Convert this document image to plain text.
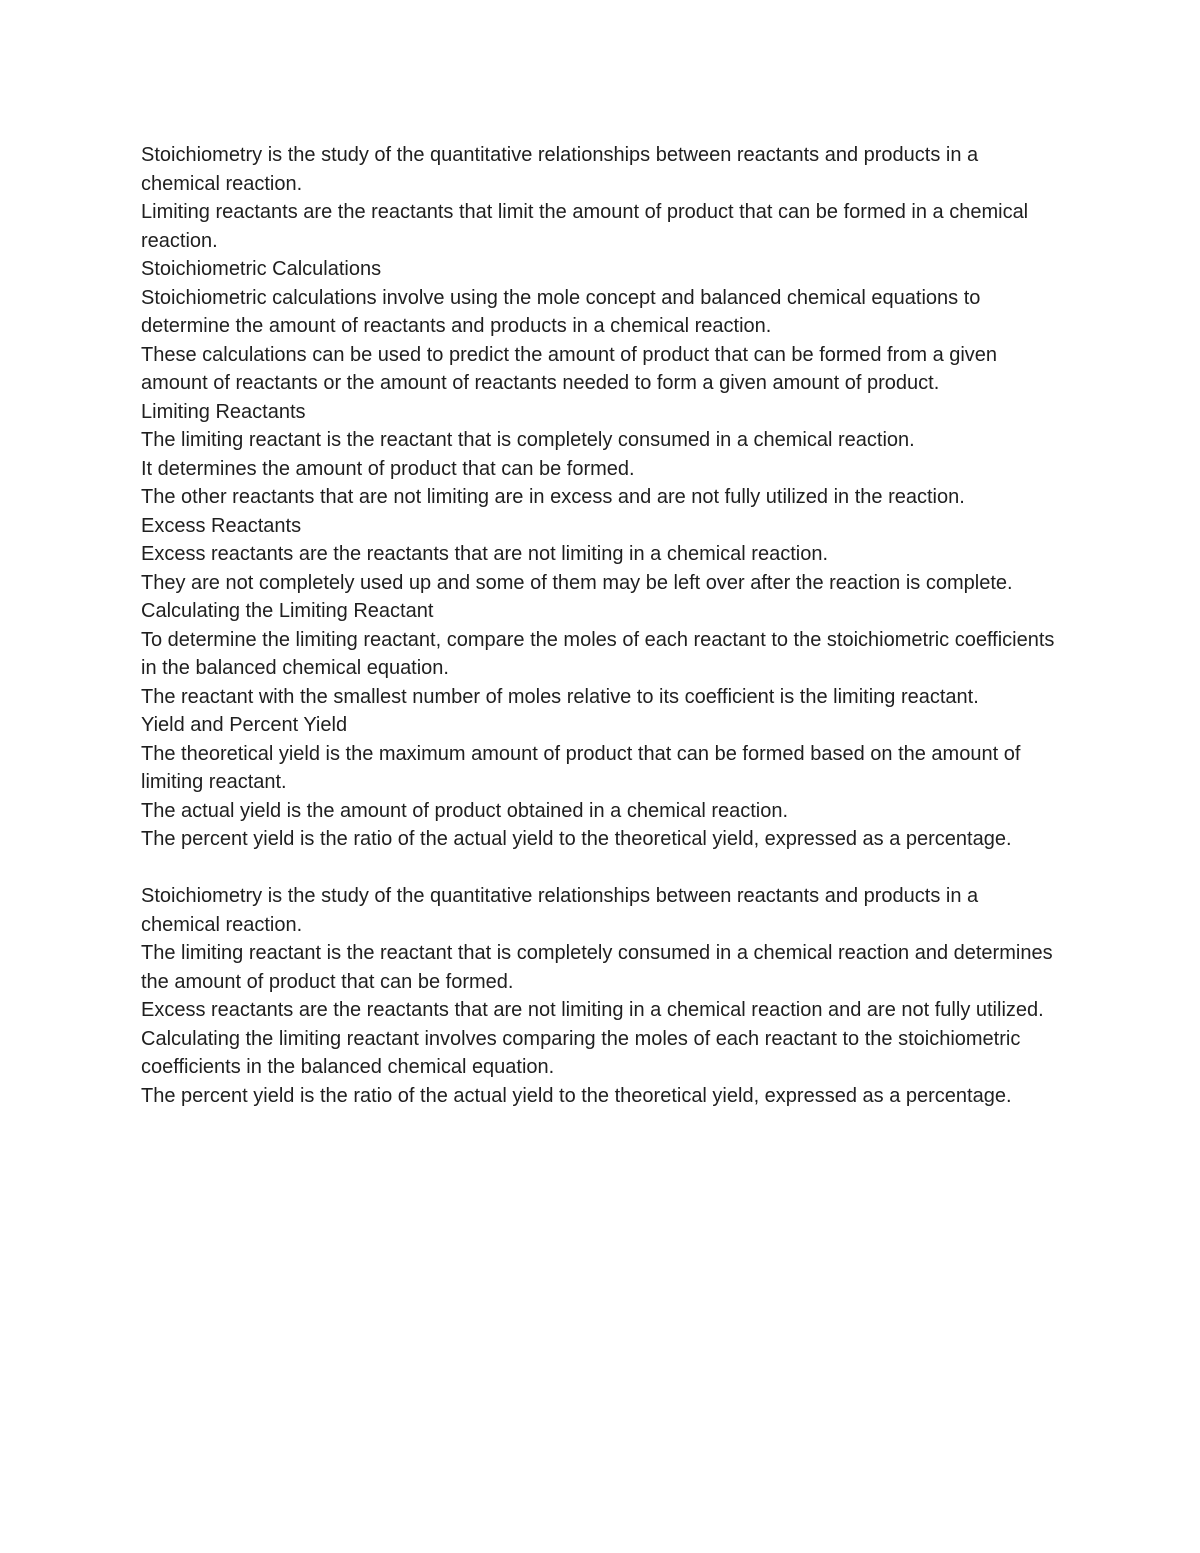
Stoichiometry is the study of the quantitative relationships between reactants and products in a chemical reaction.

Limiting reactants are the reactants that limit the amount of product that can be formed in a chemical reaction.

Stoichiometric Calculations

Stoichiometric calculations involve using the mole concept and balanced chemical equations to determine the amount of reactants and products in a chemical reaction.

These calculations can be used to predict the amount of product that can be formed from a given amount of reactants or the amount of reactants needed to form a given amount of product.

Limiting Reactants

The limiting reactant is the reactant that is completely consumed in a chemical reaction.

It determines the amount of product that can be formed.

The other reactants that are not limiting are in excess and are not fully utilized in the reaction.

Excess Reactants

Excess reactants are the reactants that are not limiting in a chemical reaction.

They are not completely used up and some of them may be left over after the reaction is complete.

Calculating the Limiting Reactant

To determine the limiting reactant, compare the moles of each reactant to the stoichiometric coefficients in the balanced chemical equation.

The reactant with the smallest number of moles relative to its coefficient is the limiting reactant.

Yield and Percent Yield

The theoretical yield is the maximum amount of product that can be formed based on the amount of limiting reactant.

The actual yield is the amount of product obtained in a chemical reaction.

The percent yield is the ratio of the actual yield to the theoretical yield, expressed as a percentage.

Stoichiometry is the study of the quantitative relationships between reactants and products in a chemical reaction.

The limiting reactant is the reactant that is completely consumed in a chemical reaction and determines the amount of product that can be formed.

Excess reactants are the reactants that are not limiting in a chemical reaction and are not fully utilized.

Calculating the limiting reactant involves comparing the moles of each reactant to the stoichiometric coefficients in the balanced chemical equation.

The percent yield is the ratio of the actual yield to the theoretical yield, expressed as a percentage.
